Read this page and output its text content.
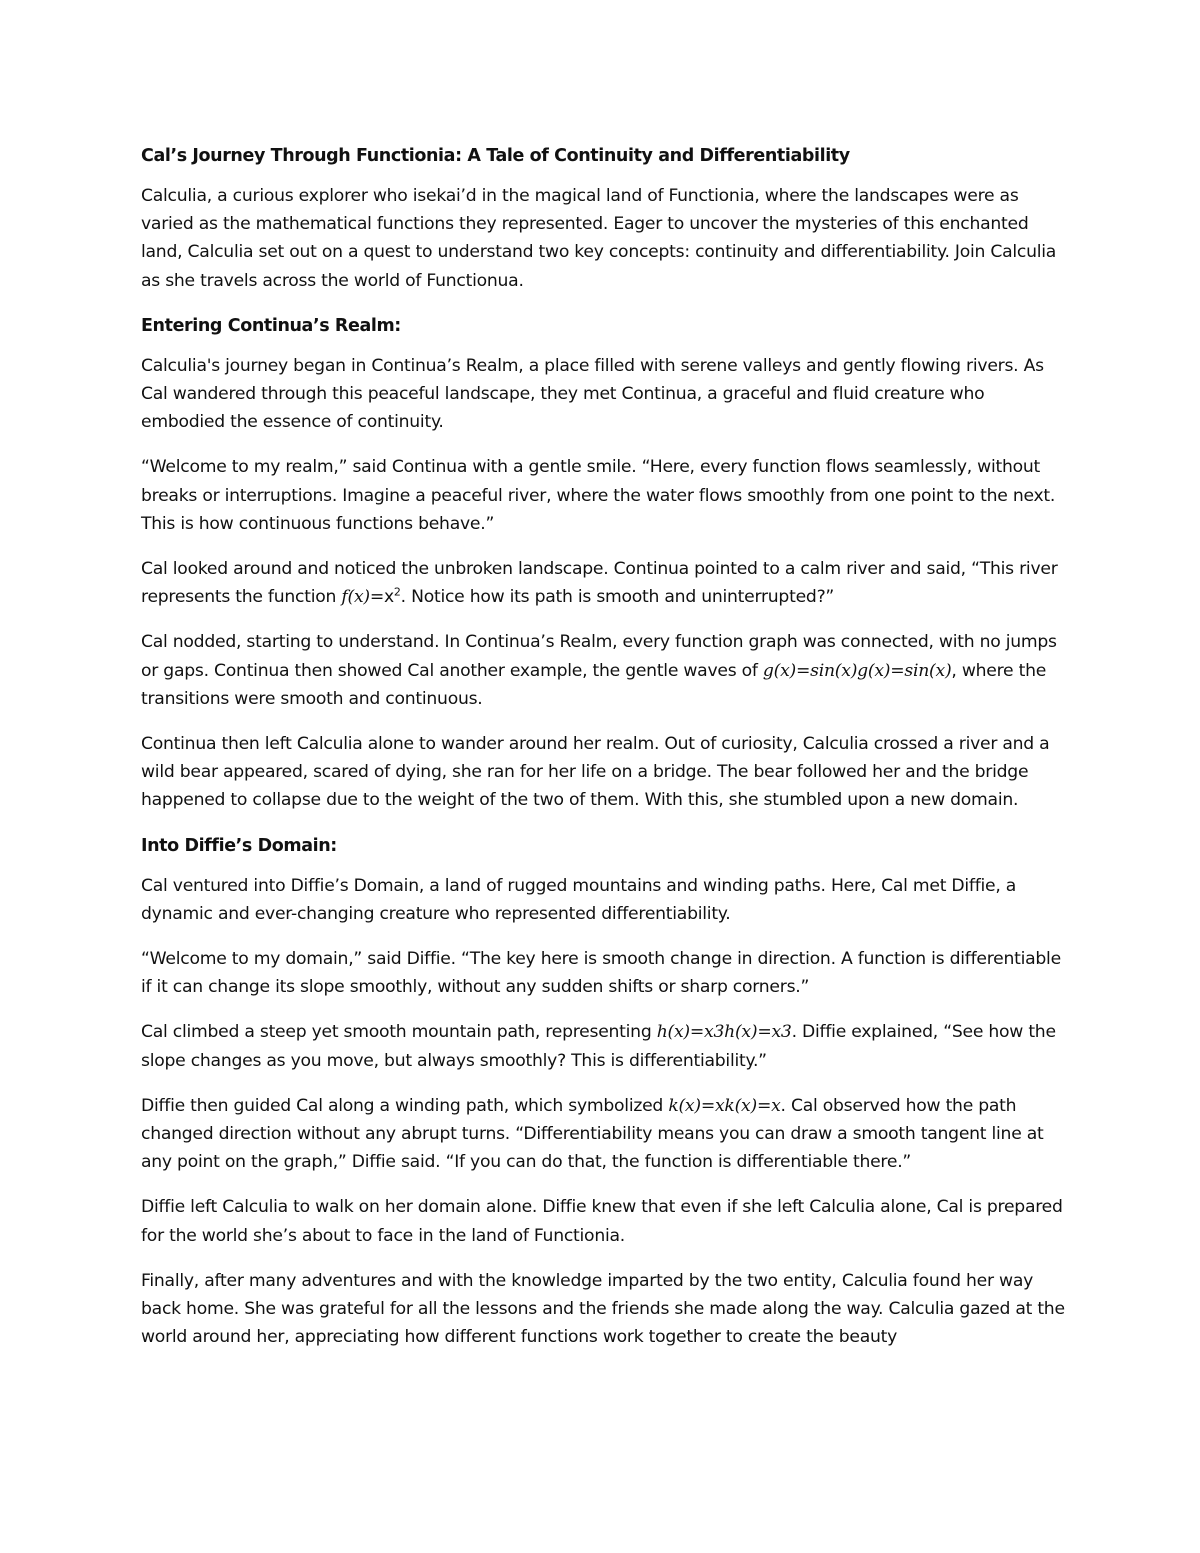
Cal’s Journey Through Functionia: A Tale of Continuity and Differentiability

Calculia, a curious explorer who isekai’d in the magical land of Functionia, where the landscapes were as varied as the mathematical functions they represented. Eager to uncover the mysteries of this enchanted land, Calculia set out on a quest to understand two key concepts: continuity and differentiability. Join Calculia as she travels across the world of Functionua.

Entering Continua’s Realm:

Calculia's journey began in Continua’s Realm, a place filled with serene valleys and gently flowing rivers. As Cal wandered through this peaceful landscape, they met Continua, a graceful and fluid creature who embodied the essence of continuity.

“Welcome to my realm,” said Continua with a gentle smile. “Here, every function flows seamlessly, without breaks or interruptions. Imagine a peaceful river, where the water flows smoothly from one point to the next. This is how continuous functions behave.”

Cal looked around and noticed the unbroken landscape. Continua pointed to a calm river and said, “This river represents the function $f(x)=x^2$. Notice how its path is smooth and uninterrupted?”

Cal nodded, starting to understand. In Continua’s Realm, every function graph was connected, with no jumps or gaps. Continua then showed Cal another example, the gentle waves of g(x)=sin(x)g(x)=sin(x), where the transitions were smooth and continuous.

Continua then left Calculia alone to wander around her realm. Out of curiosity, Calculia crossed a river and a wild bear appeared, scared of dying, she ran for her life on a bridge. The bear followed her and the bridge happened to collapse due to the weight of the two of them. With this, she stumbled upon a new domain.

Into Diffie’s Domain:

Cal ventured into Diffie’s Domain, a land of rugged mountains and winding paths. Here, Cal met Diffie, a dynamic and ever-changing creature who represented differentiability.

“Welcome to my domain,” said Diffie. “The key here is smooth change in direction. A function is differentiable if it can change its slope smoothly, without any sudden shifts or sharp corners.”

Cal climbed a steep yet smooth mountain path, representing h(x)=x3h(x)=x3. Diffie explained, “See how the slope changes as you move, but always smoothly? This is differentiability.”

Diffie then guided Cal along a winding path, which symbolized k(x)=xk(x)=x. Cal observed how the path changed direction without any abrupt turns. “Differentiability means you can draw a smooth tangent line at any point on the graph,” Diffie said. “If you can do that, the function is differentiable there.”

Diffie left Calculia to walk on her domain alone. Diffie knew that even if she left Calculia alone, Cal is prepared for the world she’s about to face in the land of Functionia.

Finally, after many adventures and with the knowledge imparted by the two entity, Calculia found her way back home. She was grateful for all the lessons and the friends she made along the way. Calculia gazed at the world around her, appreciating how different functions work together to create the beauty
